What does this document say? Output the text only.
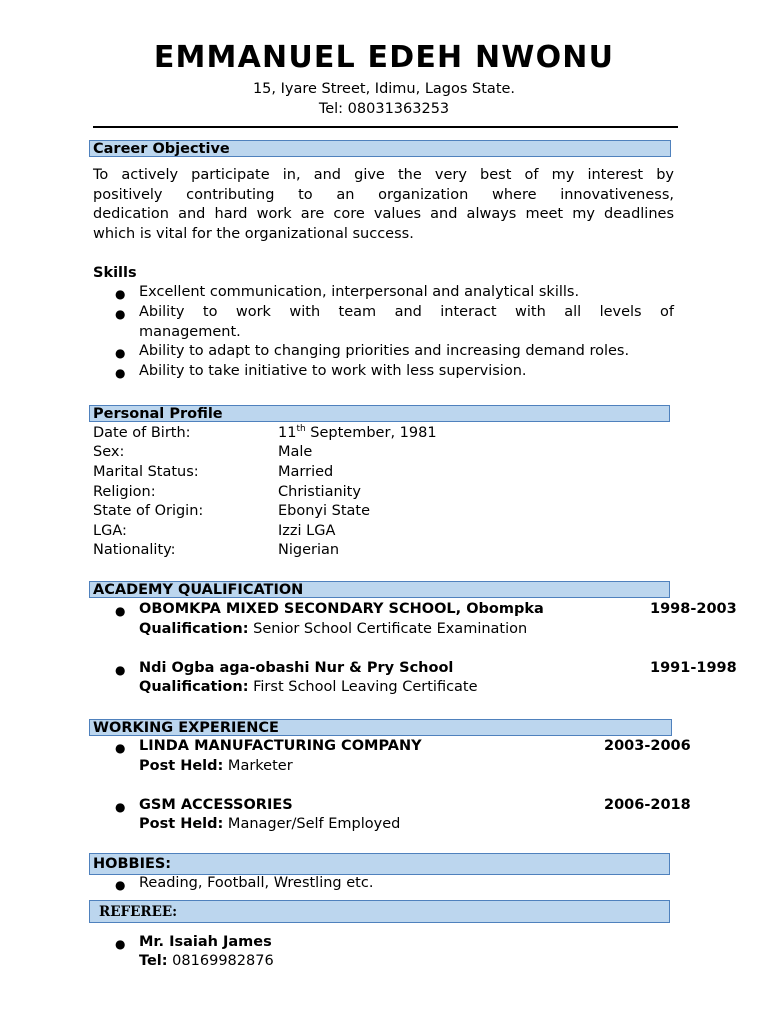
EMMANUEL EDEH NWONU
15, Iyare Street, Idimu, Lagos State.
Tel: 08031363253
Career Objective
To actively participate in, and give the very best of my interest by
positively contributing to an organization where innovativeness,
dedication and hard work are core values and always meet my deadlines
which is vital for the organizational success.
Skills
● Excellent communication, interpersonal and analytical skills.
● Ability to work with team and interact with all levels of
management.
● Ability to adapt to changing priorities and increasing demand roles.
● Ability to take initiative to work with less supervision.
Personal Profile
Date of Birth:	11th September, 1981
Sex:	Male
Marital Status:	Married
Religion:	Christianity
State of Origin:	Ebonyi State
LGA:	Izzi LGA
Nationality:	Nigerian
ACADEMY QUALIFICATION
● OBOMKPA MIXED SECONDARY SCHOOL, Obompka	1998-2003
Qualification: Senior School Certificate Examination
● Ndi Ogba aga-obashi Nur & Pry School	1991-1998
Qualification: First School Leaving Certificate
WORKING EXPERIENCE
● LINDA MANUFACTURING COMPANY	2003-2006
Post Held: Marketer
● GSM ACCESSORIES	2006-2018
Post Held: Manager/Self Employed
HOBBIES:
● Reading, Football, Wrestling etc.
REFEREE:
● Mr. Isaiah James
Tel: 08169982876
